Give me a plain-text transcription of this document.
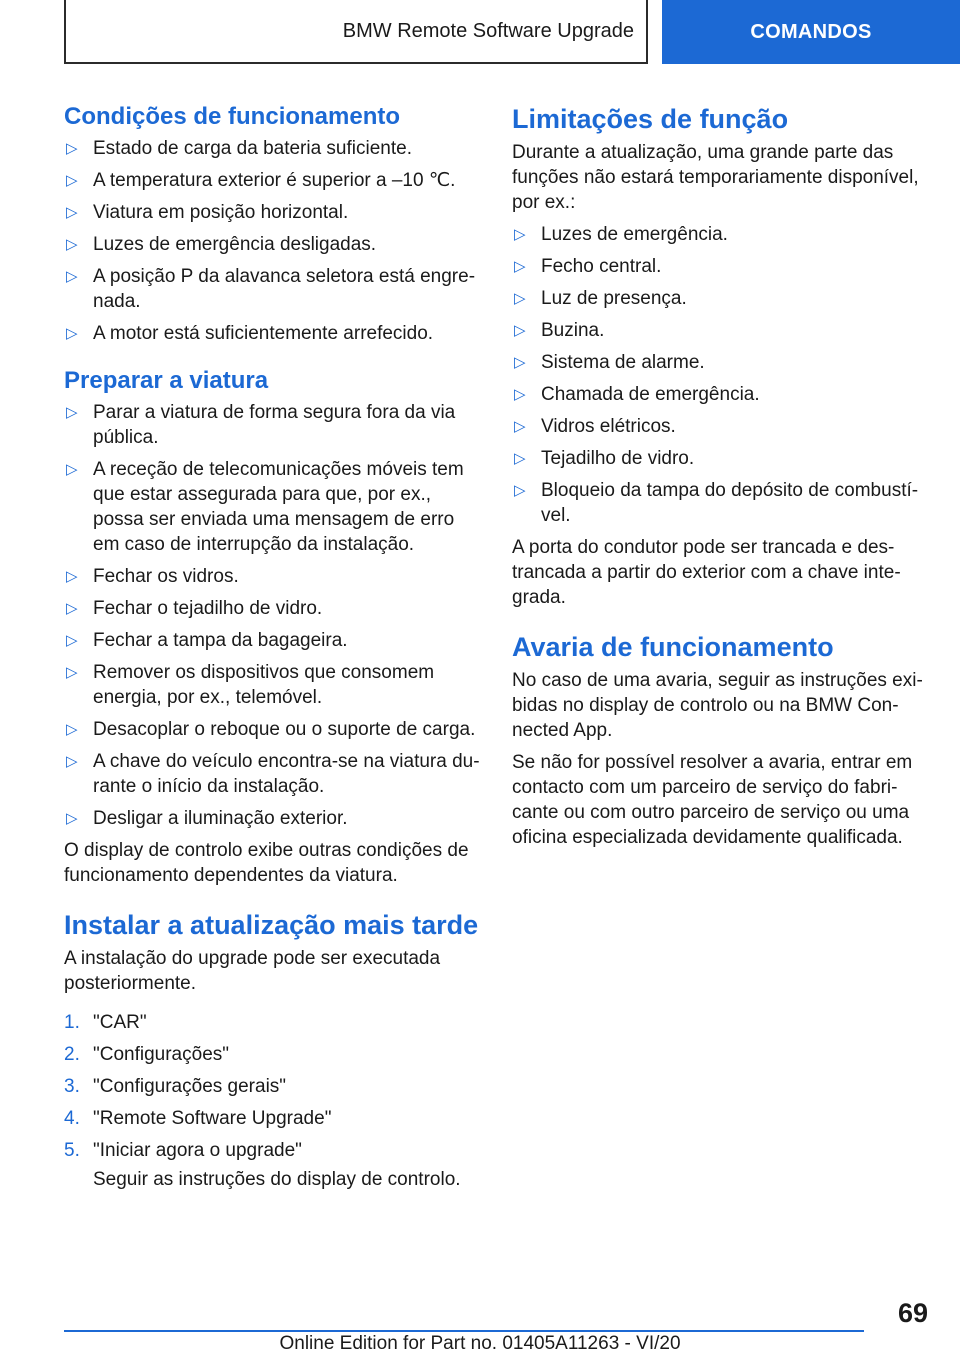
BMW Remote Software Upgrade	COMANDOS
Condições de funcionamento
▷ Estado de carga da bateria suficiente.
▷ A temperatura exterior é superior a –10 ℃.
▷ Viatura em posição horizontal.
▷ Luzes de emergência desligadas.
▷ A posição P da alavanca seletora está engrenada.
▷ A motor está suficientemente arrefecido.
Preparar a viatura
▷ Parar a viatura de forma segura fora da via pública.
▷ A receção de telecomunicações móveis tem que estar assegurada para que, por ex., possa ser enviada uma mensagem de erro em caso de interrupção da instalação.
▷ Fechar os vidros.
▷ Fechar o tejadilho de vidro.
▷ Fechar a tampa da bagageira.
▷ Remover os dispositivos que consomem energia, por ex., telemóvel.
▷ Desacoplar o reboque ou o suporte de carga.
▷ A chave do veículo encontra-se na viatura durante o início da instalação.
▷ Desligar a iluminação exterior.

O display de controlo exibe outras condições de funcionamento dependentes da viatura.

Instalar a atualização mais tarde

A instalação do upgrade pode ser executada posteriormente.

1. "CAR"
2. "Configurações"
3. "Configurações gerais"
4. "Remote Software Upgrade"
5. "Iniciar agora o upgrade"
Seguir as instruções do display de controlo.
Limitações de função

Durante a atualização, uma grande parte das funções não estará temporariamente disponível, por ex.:

▷ Luzes de emergência.
▷ Fecho central.
▷ Luz de presença.
▷ Buzina.
▷ Sistema de alarme.
▷ Chamada de emergência.
▷ Vidros elétricos.
▷ Tejadilho de vidro.
▷ Bloqueio da tampa do depósito de combustível.

A porta do condutor pode ser trancada e destrancada a partir do exterior com a chave integrada.

Avaria de funcionamento

No caso de uma avaria, seguir as instruções exibidas no display de controlo ou na BMW Connected App.

Se não for possível resolver a avaria, entrar em contacto com um parceiro de serviço do fabricante ou com outro parceiro de serviço ou uma oficina especializada devidamente qualificada.

69
Online Edition for Part no. 01405A11263 - VI/20
